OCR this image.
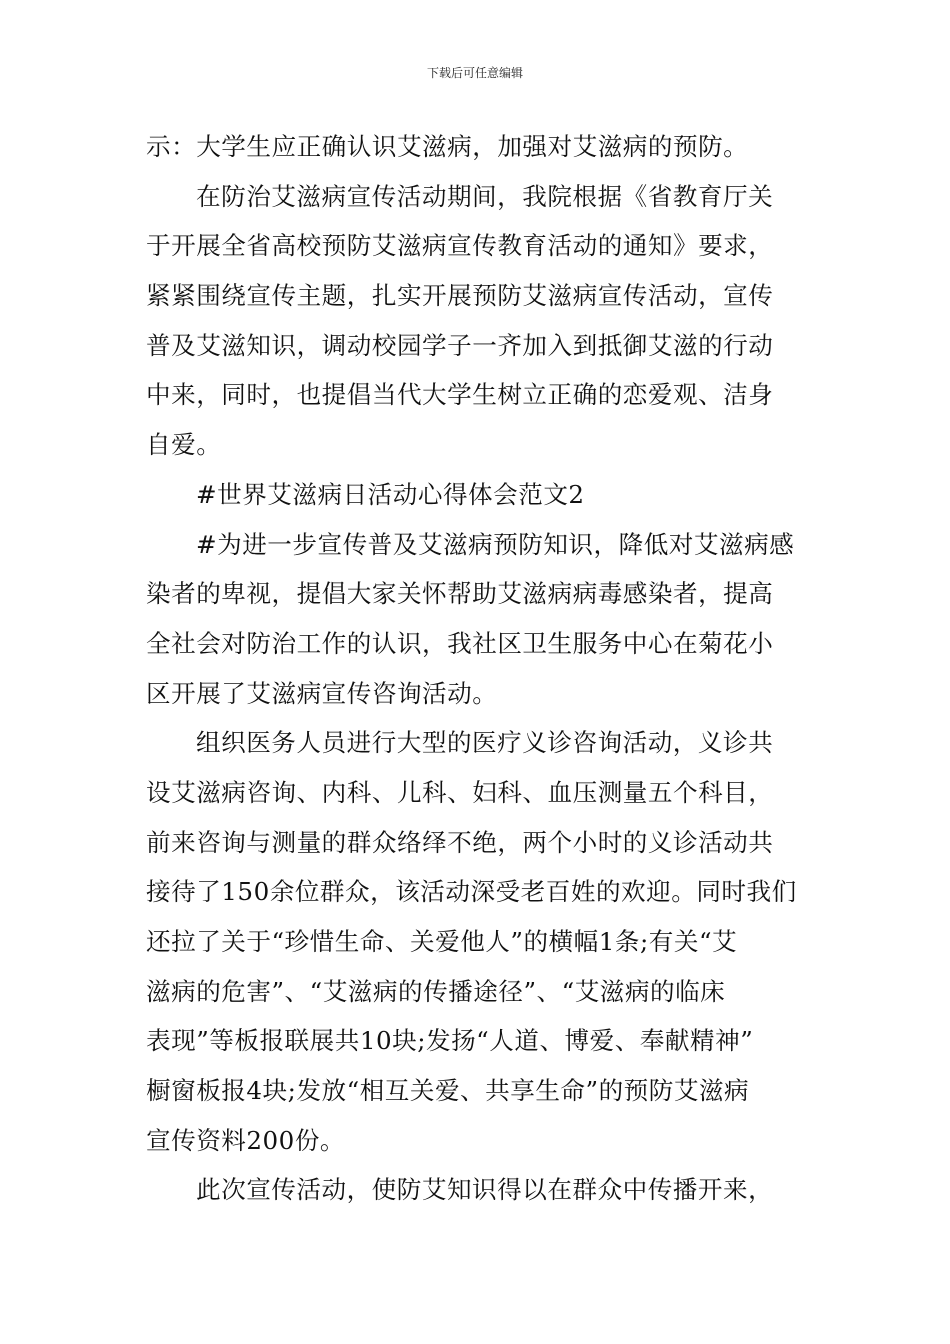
下载后可任意编辑
示：大学生应正确认识艾滋病，加强对艾滋病的预防。
在防治艾滋病宣传活动期间，我院根据《省教育厅关
于开展全省高校预防艾滋病宣传教育活动的通知》要求，
紧紧围绕宣传主题，扎实开展预防艾滋病宣传活动，宣传
普及艾滋知识，调动校园学子一齐加入到抵御艾滋的行动
中来，同时，也提倡当代大学生树立正确的恋爱观、洁身
自爱。
#世界艾滋病日活动心得体会范文2
#为进一步宣传普及艾滋病预防知识，降低对艾滋病感
染者的卑视，提倡大家关怀帮助艾滋病病毒感染者，提高
全社会对防治工作的认识，我社区卫生服务中心在菊花小
区开展了艾滋病宣传咨询活动。
组织医务人员进行大型的医疗义诊咨询活动，义诊共
设艾滋病咨询、内科、儿科、妇科、血压测量五个科目，
前来咨询与测量的群众络绎不绝，两个小时的义诊活动共
接待了150余位群众，该活动深受老百姓的欢迎。同时我们
还拉了关于“珍惜生命、关爱他人”的横幅1条;有关“艾
滋病的危害”、“艾滋病的传播途径”、“艾滋病的临床
表现”等板报联展共10块;发扬“人道、博爱、奉献精神”
橱窗板报4块;发放“相互关爱、共享生命”的预防艾滋病
宣传资料200份。
此次宣传活动，使防艾知识得以在群众中传播开来，
